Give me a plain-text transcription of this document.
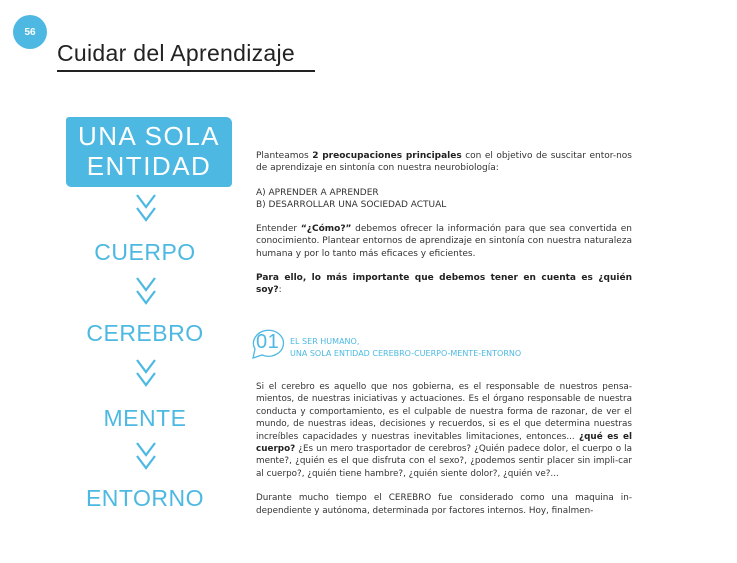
56
Cuidar del Aprendizaje
UNA SOLA
ENTIDAD
CUERPO
CEREBRO
MENTE
ENTORNO

Planteamos 2 preocupaciones principales con el objetivo de suscitar entor-nos de aprendizaje en sintonía con nuestra neurobiología:

A) APRENDER A APRENDER

B) DESARROLLAR UNA SOCIEDAD ACTUAL

Entender “¿Cómo?” debemos ofrecer la información para que sea convertida en conocimiento. Plantear entornos de aprendizaje en sintonía con nuestra naturaleza humana y por lo tanto más eficaces y eficientes.

Para ello, lo más importante que debemos tener en cuenta es ¿quién soy?:

01 EL SER HUMANO,
UNA SOLA ENTIDAD CEREBRO-CUERPO-MENTE-ENTORNO

Si el cerebro es aquello que nos gobierna, es el responsable de nuestros pensa-mientos, de nuestras iniciativas y actuaciones. Es el órgano responsable de nuestra conducta y comportamiento, es el culpable de nuestra forma de razonar, de ver el mundo, de nuestras ideas, decisiones y recuerdos, si es el que determina nuestras increíbles capacidades y nuestras inevitables limitaciones, entonces... ¿qué es el cuerpo? ¿Es un mero trasportador de cerebros? ¿Quién padece dolor, el cuerpo o la mente?, ¿quién es el que disfruta con el sexo?, ¿podemos sentir placer sin impli-car al cuerpo?, ¿quién tiene hambre?, ¿quién siente dolor?, ¿quién ve?...

Durante mucho tiempo el CEREBRO fue considerado como una maquina in-dependiente y autónoma, determinada por factores internos. Hoy, finalmen-
